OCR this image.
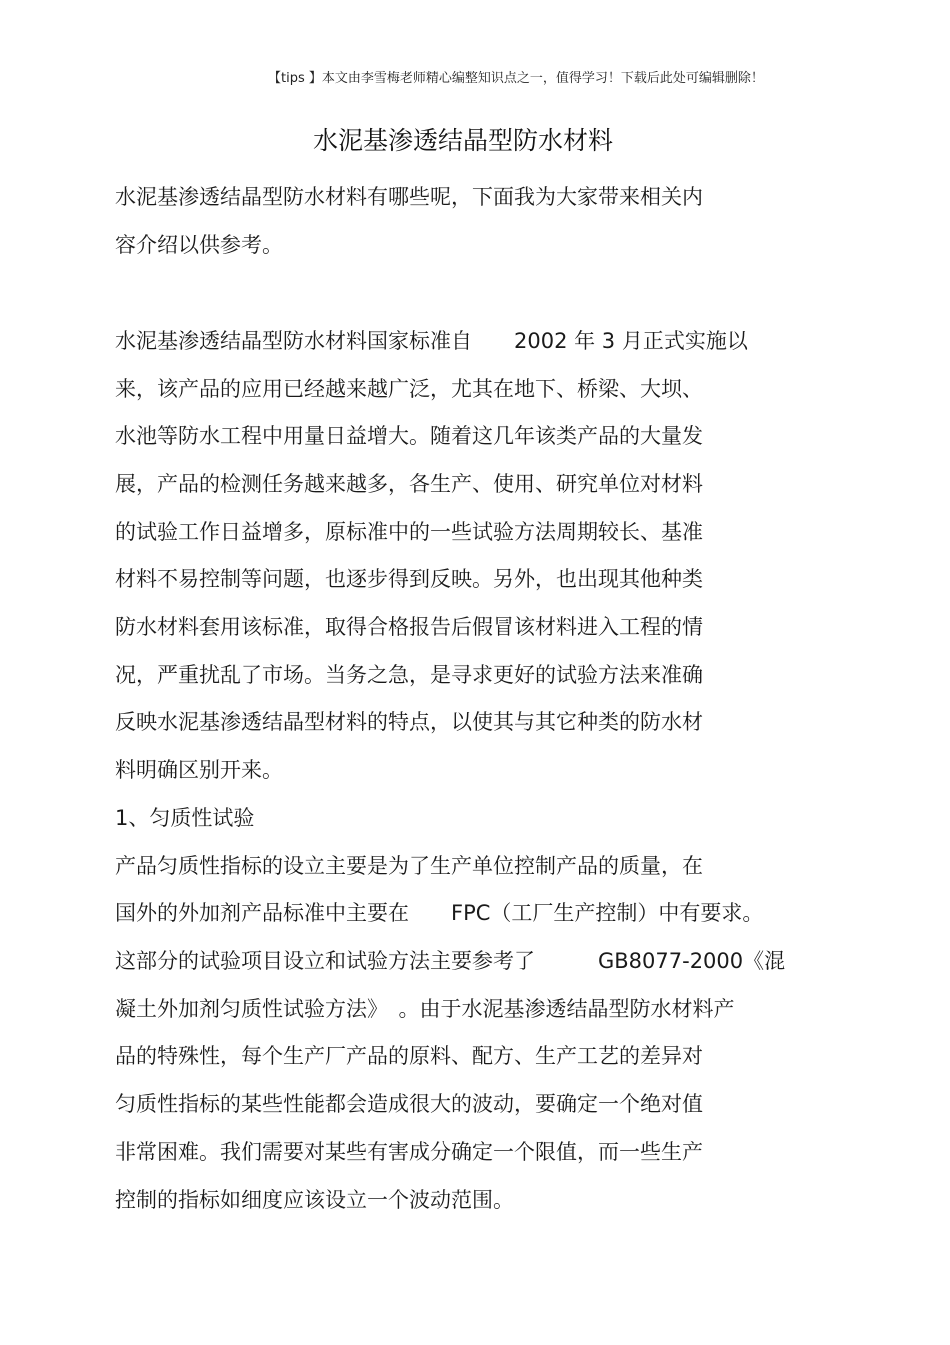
【tips 】本文由李雪梅老师精心编整知识点之一，值得学习！下载后此处可编辑删除！
水泥基渗透结晶型防水材料
水泥基渗透结晶型防水材料有哪些呢，下面我为大家带来相关内
容介绍以供参考。
水泥基渗透结晶型防水材料国家标准自　　2002 年 3 月正式实施以
来，该产品的应用已经越来越广泛，尤其在地下、桥梁、大坝、
水池等防水工程中用量日益增大。随着这几年该类产品的大量发
展，产品的检测任务越来越多，各生产、使用、研究单位对材料
的试验工作日益增多，原标准中的一些试验方法周期较长、基准
材料不易控制等问题，也逐步得到反映。另外，也出现其他种类
防水材料套用该标准，取得合格报告后假冒该材料进入工程的情
况，严重扰乱了市场。当务之急，是寻求更好的试验方法来准确
反映水泥基渗透结晶型材料的特点，以使其与其它种类的防水材
料明确区别开来。
1、匀质性试验
产品匀质性指标的设立主要是为了生产单位控制产品的质量，在
国外的外加剂产品标准中主要在　　FPC（工厂生产控制）中有要求。
这部分的试验项目设立和试验方法主要参考了　　　GB8077-2000《混
凝土外加剂匀质性试验方法》　。由于水泥基渗透结晶型防水材料产
品的特殊性，每个生产厂产品的原料、配方、生产工艺的差异对
匀质性指标的某些性能都会造成很大的波动，要确定一个绝对值
非常困难。我们需要对某些有害成分确定一个限值，而一些生产
控制的指标如细度应该设立一个波动范围。
